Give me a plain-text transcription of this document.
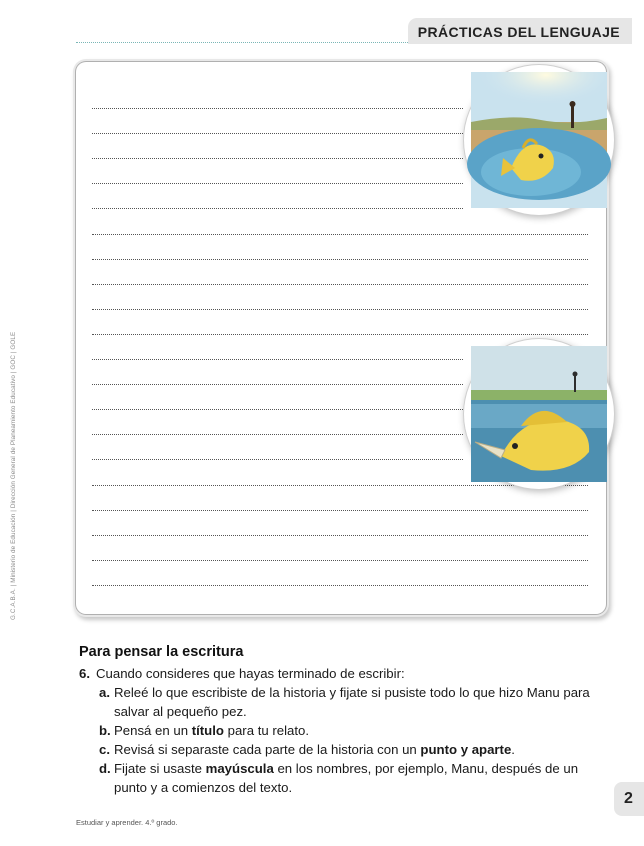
PRÁCTICAS DEL LENGUAJE
G.C.A.B.A. | Ministerio de Educación | Dirección General de Planeamiento Educativo | GOC | GOLE
Para pensar la escritura
6. Cuando consideres que hayas terminado de escribir:
a. Releé lo que escribiste de la historia y fijate si pusiste todo lo que hizo Manu para salvar al pequeño pez.
b. Pensá en un título para tu relato.
c. Revisá si separaste cada parte de la historia con un punto y aparte.
d. Fijate si usaste mayúscula en los nombres, por ejemplo, Manu, después de un punto y a comienzos del texto.
Estudiar y aprender. 4.º grado.
2
